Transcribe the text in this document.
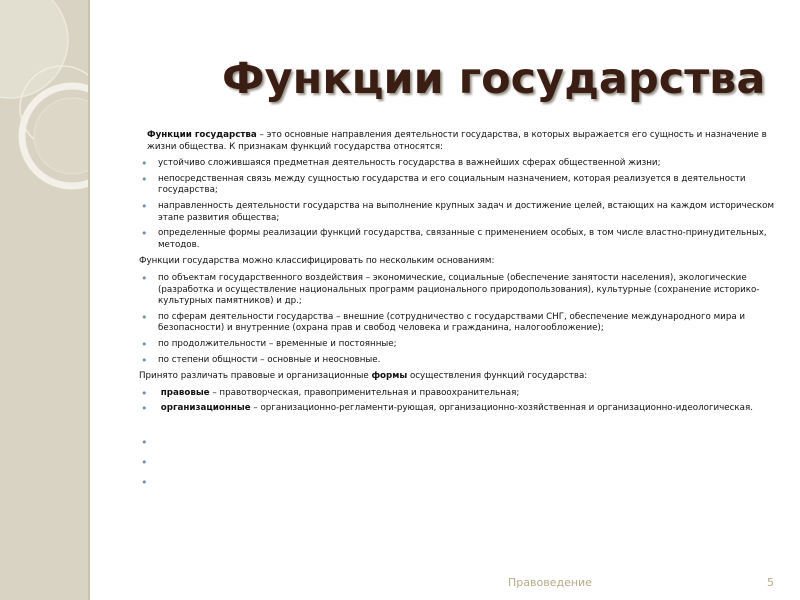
Функции государства

Функции государства – это основные направления деятельности государства, в которых выражается его сущность и назначение в жизни общества. К признакам функций государства относятся:

• устойчиво сложившаяся предметная деятельность государства в важнейших сферах общественной жизни;
• непосредственная связь между сущностью государства и его социальным назначением, которая реализуется в деятельности государства;
• направленность деятельности государства на выполнение крупных задач и достижение целей, встающих на каждом историческом этапе развития общества;
• определенные формы реализации функций государства, связанные с применением особых, в том числе властно-принудительных, методов.

Функции государства можно классифицировать по нескольким основаниям:

• по объектам государственного воздействия – экономические, социальные (обеспечение занятости населения), экологические (разработка и осуществление национальных программ рационального природопользования), культурные (сохранение историко-культурных памятников) и др.;
• по сферам деятельности государства – внешние (сотрудничество с государствами СНГ, обеспечение международного мира и безопасности) и внутренние (охрана прав и свобод человека и гражданина, налогообложение);
• по продолжительности – временные и постоянные;
• по степени общности – основные и неосновные.

Принято различать правовые и организационные формы осуществления функций государства:

• правовые – правотворческая, правоприменительная и правоохранительная;
• организационные – организационно-регламенти-рующая, организационно-хозяйственная и организационно-идеологическая.
•
•
•
Правоведение	5
